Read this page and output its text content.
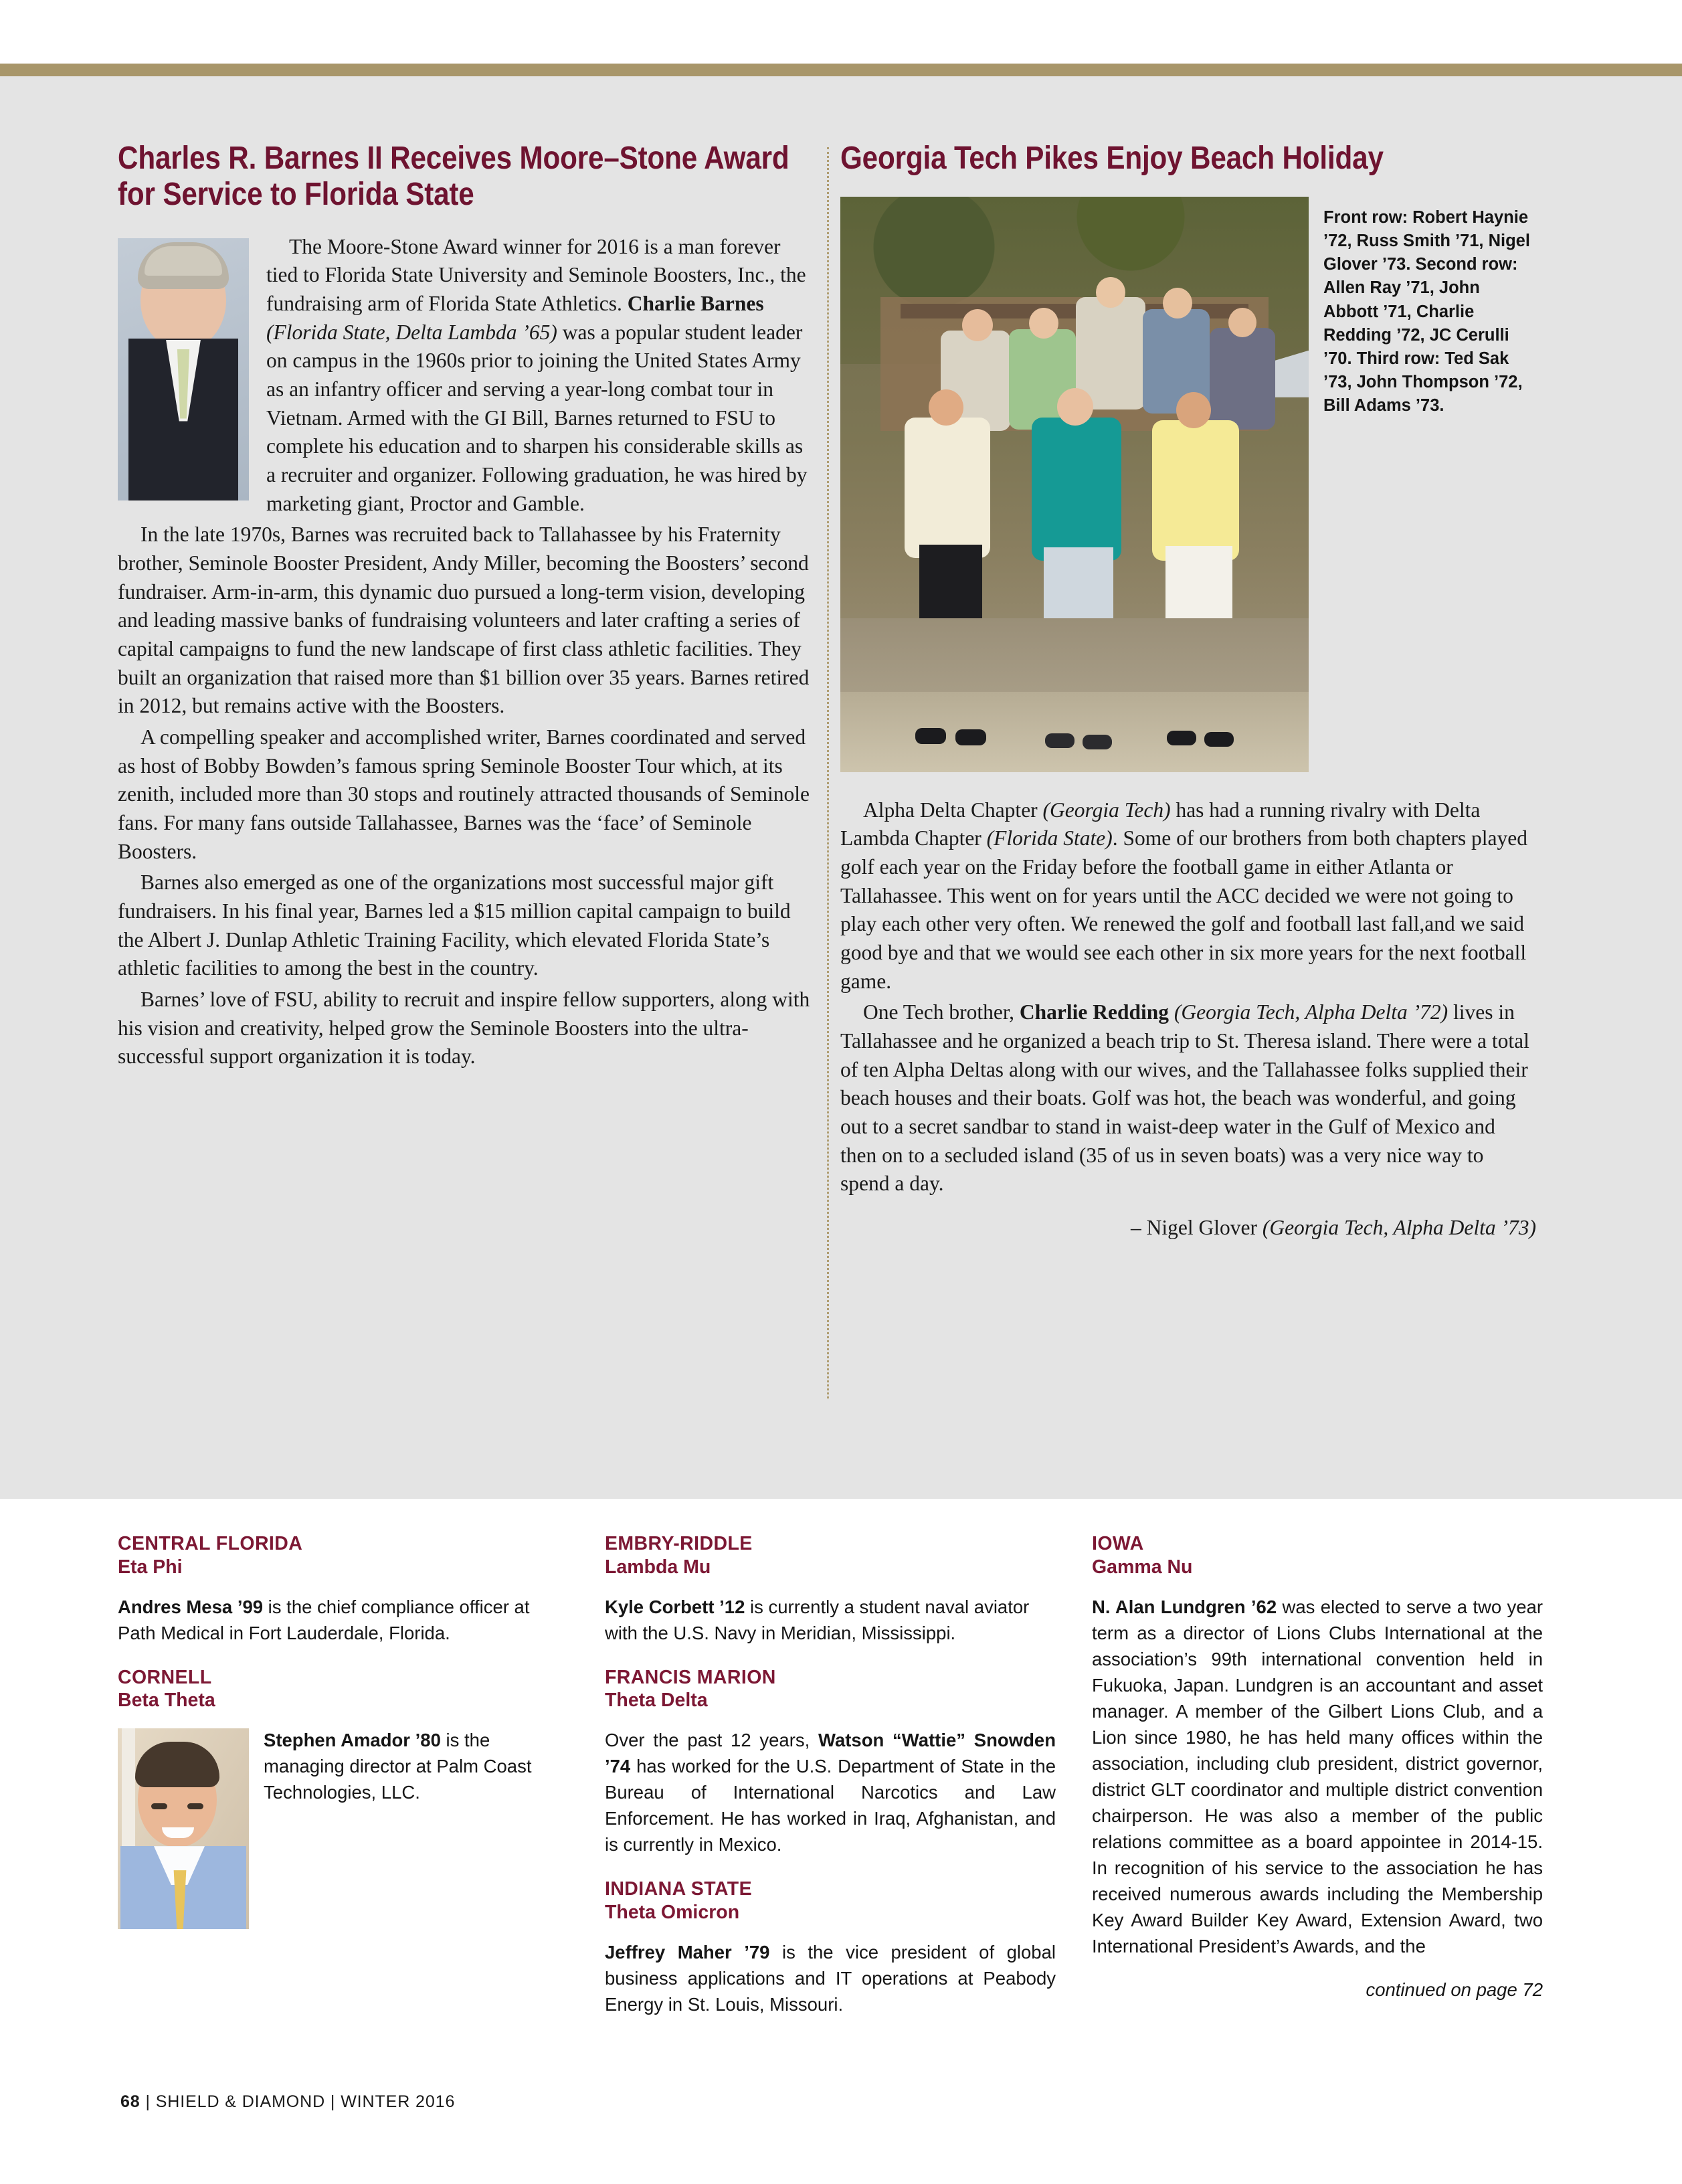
Charles R. Barnes II Receives Moore–Stone Award for Service to Florida State

The Moore-Stone Award winner for 2016 is a man forever tied to Florida State University and Seminole Boosters, Inc., the fundraising arm of Florida State Athletics. Charlie Barnes (Florida State, Delta Lambda ’65) was a popular student leader on campus in the 1960s prior to joining the United States Army as an infantry officer and serving a year-long combat tour in Vietnam. Armed with the GI Bill, Barnes returned to FSU to complete his education and to sharpen his considerable skills as a recruiter and organizer. Following graduation, he was hired by marketing giant, Proctor and Gamble.

In the late 1970s, Barnes was recruited back to Tallahassee by his Fraternity brother, Seminole Booster President, Andy Miller, becoming the Boosters’ second fundraiser. Arm-in-arm, this dynamic duo pursued a long-term vision, developing and leading massive banks of fundraising volunteers and later crafting a series of capital campaigns to fund the new landscape of first class athletic facilities. They built an organization that raised more than $1 billion over 35 years. Barnes retired in 2012, but remains active with the Boosters.

A compelling speaker and accomplished writer, Barnes coordinated and served as host of Bobby Bowden’s famous spring Seminole Booster Tour which, at its zenith, included more than 30 stops and routinely attracted thousands of Seminole fans. For many fans outside Tallahassee, Barnes was the ‘face’ of Seminole Boosters.

Barnes also emerged as one of the organizations most successful major gift fundraisers. In his final year, Barnes led a $15 million capital campaign to build the Albert J. Dunlap Athletic Training Facility, which elevated Florida State’s athletic facilities to among the best in the country.

Barnes’ love of FSU, ability to recruit and inspire fellow supporters, along with his vision and creativity, helped grow the Seminole Boosters into the ultra-successful support organization it is today.

Georgia Tech Pikes Enjoy Beach Holiday
Front row: Robert Haynie ’72, Russ Smith ’71, Nigel Glover ’73. Second row: Allen Ray ’71, John Abbott ’71, Charlie Redding ’72, JC Cerulli ’70. Third row: Ted Sak ’73, John Thompson ’72, Bill Adams ’73.

Alpha Delta Chapter (Georgia Tech) has had a running rivalry with Delta Lambda Chapter (Florida State). Some of our brothers from both chapters played golf each year on the Friday before the football game in either Atlanta or Tallahassee. This went on for years until the ACC decided we were not going to play each other very often. We renewed the golf and football last fall,and we said good bye and that we would see each other in six more years for the next football game.

One Tech brother, Charlie Redding (Georgia Tech, Alpha Delta ’72) lives in Tallahassee and he organized a beach trip to St. Theresa island. There were a total of ten Alpha Deltas along with our wives, and the Tallahassee folks supplied their beach houses and their boats. Golf was hot, the beach was wonderful, and going out to a secret sandbar to stand in waist-deep water in the Gulf of Mexico and then on to a secluded island (35 of us in seven boats) was a very nice way to spend a day.

– Nigel Glover (Georgia Tech, Alpha Delta ’73)
CENTRAL FLORIDA
Eta Phi
Andres Mesa ’99 is the chief compliance officer at Path Medical in Fort Lauderdale, Florida.
CORNELL
Beta Theta
Stephen Amador ’80 is the managing director at Palm Coast Technologies, LLC.
EMBRY-RIDDLE
Lambda Mu
Kyle Corbett ’12 is currently a student naval aviator with the U.S. Navy in Meridian, Mississippi.
FRANCIS MARION
Theta Delta
Over the past 12 years, Watson “Wattie” Snowden ’74 has worked for the U.S. Department of State in the Bureau of International Narcotics and Law Enforcement. He has worked in Iraq, Afghanistan, and is currently in Mexico.
INDIANA STATE
Theta Omicron
Jeffrey Maher ’79 is the vice president of global business applications and IT operations at Peabody Energy in St. Louis, Missouri.
IOWA
Gamma Nu
N. Alan Lundgren ’62 was elected to serve a two year term as a director of Lions Clubs International at the association’s 99th international convention held in Fukuoka, Japan. Lundgren is an accountant and asset manager. A member of the Gilbert Lions Club, and a Lion since 1980, he has held many offices within the association, including club president, district governor, district GLT coordinator and multiple district convention chairperson. He was also a member of the public relations committee as a board appointee in 2014-15. In recognition of his service to the association he has received numerous awards including the Membership Key Award Builder Key Award, Extension Award, two International President’s Awards, and the
continued on page 72
68 | SHIELD & DIAMOND | WINTER 2016
